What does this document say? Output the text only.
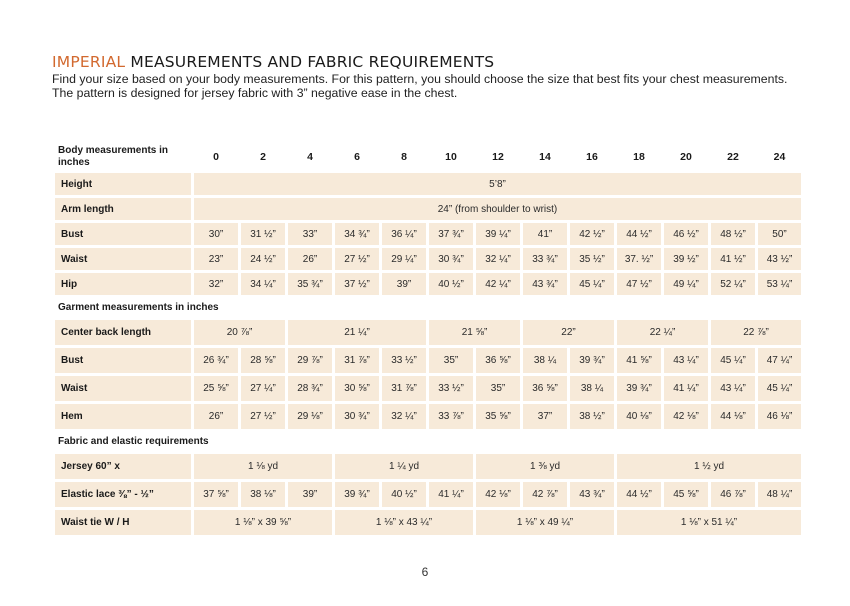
IMPERIAL MEASUREMENTS AND FABRIC REQUIREMENTS
Find your size based on your body measurements. For this pattern, you should choose the size that best fits your chest measurements.
The pattern is designed for jersey fabric with 3” negative ease in the chest.
Body measurements in inches	0	2	4	6	8	10	12	14	16	18	20	22	24
Height	5’8”												
Arm length	24” (from shoulder to wrist)												
Bust	30”	31 ½”	33”	34 ¾”	36 ¼”	37 ¾”	39 ¼”	41”	42 ½”	44 ½”	46 ½”	48 ½”	50”
Waist	23”	24 ½”	26”	27 ½”	29 ¼”	30 ¾”	32 ¼”	33 ¾”	35 ½”	37. ½”	39 ½”	41 ½”	43 ½”
Hip	32”	34 ¼”	35 ¾”	37 ½”	39”	40 ½”	42 ¼”	43 ¾”	45 ¼”	47 ½”	49 ¼”	52 ¼”	53 ¼”
Garment measurements in inches													
Center back length	20 ⅞”		21 ¼”			21 ⅝”		22”		22 ¼”		22 ⅞”	
Bust	26 ¾”	28 ⅝”	29 ⅞”	31 ⅞”	33 ½”	35”	36 ⅝”	38 ¼	39 ¾”	41 ⅝”	43 ¼”	45 ¼”	47 ¼”
Waist	25 ⅝”	27 ¼”	28 ¾”	30 ⅝”	31 ⅞”	33 ½”	35”	36 ⅝”	38 ¼	39 ¾”	41 ¼”	43 ¼”	45 ¼”
Hem	26”	27 ½”	29 ⅛”	30 ¾”	32 ¼”	33 ⅞”	35 ⅝”	37”	38 ½”	40 ⅛”	42 ⅛”	44 ⅛”	46 ⅛”
Fabric and elastic requirements													
Jersey 60” x	1 ⅛ yd			1 ¼ yd			1 ⅜ yd			1 ½ yd			
Elastic lace ⅜” - ½”	37 ⅝”	38 ⅛”	39”	39 ¾”	40 ½”	41 ¼”	42 ⅛”	42 ⅞”	43 ¾”	44 ½”	45 ⅝”	46 ⅞”	48 ¼”
Waist tie W / H	1 ⅛” x 39 ⅝”			1 ⅛” x 43 ¼”			1 ⅛” x 49 ¼”			1 ⅛” x 51 ¼”			
6
